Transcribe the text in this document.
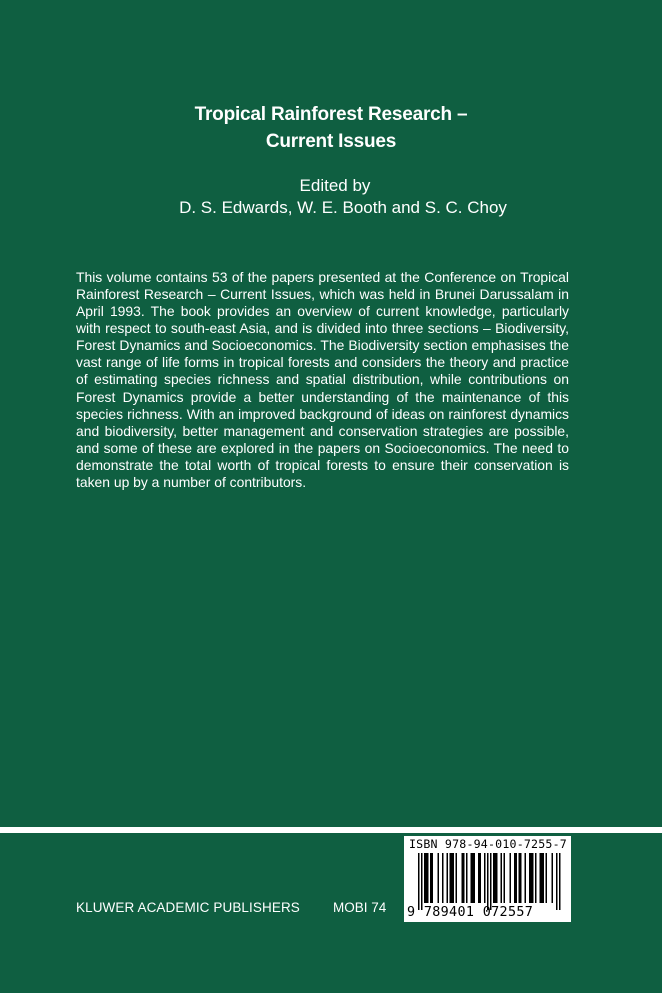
Tropical Rainforest Research –
Current Issues
Edited by
D. S. Edwards, W. E. Booth and S. C. Choy

This volume contains 53 of the papers presented at the Conference on Tropical Rainforest Research – Current Issues, which was held in Brunei Darussalam in April 1993. The book provides an overview of current knowledge, particularly with respect to south-east Asia, and is divided into three sections – Biodiversity, Forest Dynamics and Socioeconomics. The Biodiversity section emphasises the vast range of life forms in tropical forests and considers the theory and practice of estimating species richness and spatial distribution, while contributions on Forest Dynamics provide a better understanding of the maintenance of this species richness. With an improved background of ideas on rainforest dynamics and biodiversity, better management and conservation strategies are possible, and some of these are explored in the papers on Socioeconomics. The need to demonstrate the total worth of tropical forests to ensure their conservation is taken up by a number of contributors.

KLUWER ACADEMIC PUBLISHERS MOBI 74
ISBN 978-94-010-7255-7
9 789401 072557
